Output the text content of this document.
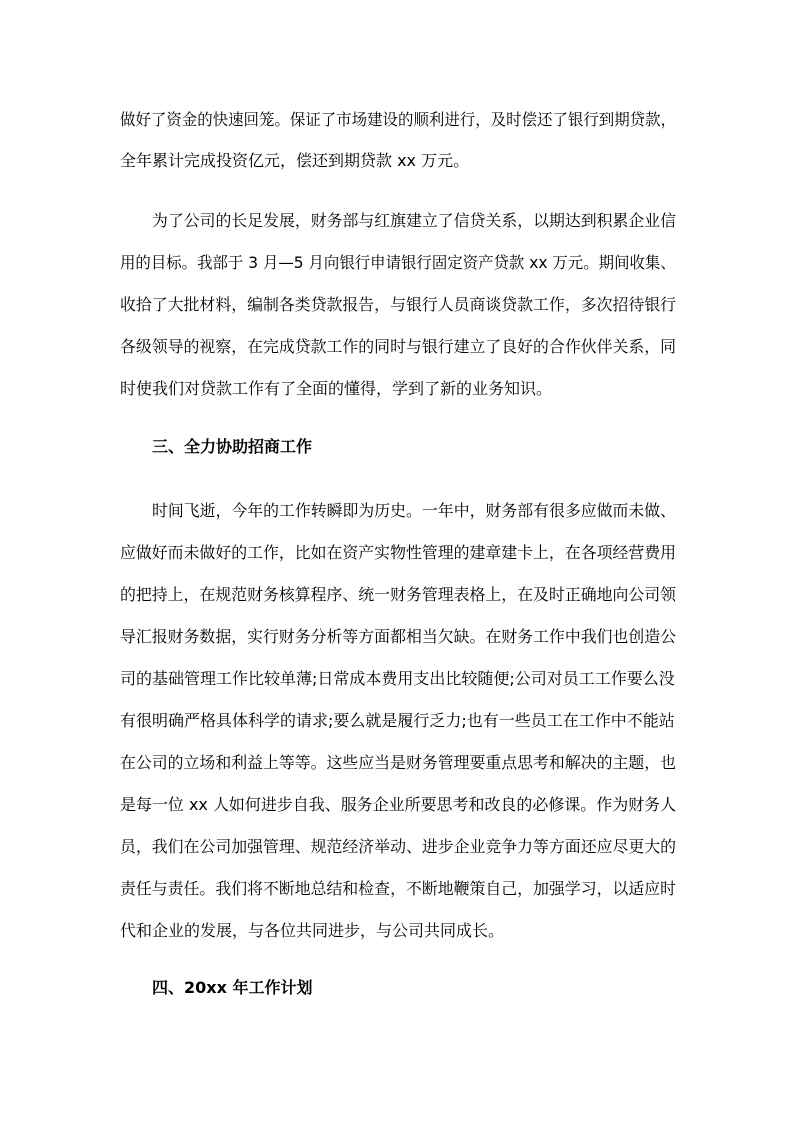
做好了资金的快速回笼。保证了市场建设的顺利进行，及时偿还了银行到期贷款，
全年累计完成投资亿元，偿还到期贷款 xx 万元。
为了公司的长足发展，财务部与红旗建立了信贷关系，以期达到积累企业信
用的目标。我部于 3 月—5 月向银行申请银行固定资产贷款 xx 万元。期间收集、
收拾了大批材料，编制各类贷款报告，与银行人员商谈贷款工作，多次招待银行
各级领导的视察，在完成贷款工作的同时与银行建立了良好的合作伙伴关系，同
时使我们对贷款工作有了全面的懂得，学到了新的业务知识。
三、全力协助招商工作
时间飞逝，今年的工作转瞬即为历史。一年中，财务部有很多应做而未做、
应做好而未做好的工作，比如在资产实物性管理的建章建卡上，在各项经营费用
的把持上，在规范财务核算程序、统一财务管理表格上，在及时正确地向公司领
导汇报财务数据，实行财务分析等方面都相当欠缺。在财务工作中我们也创造公
司的基础管理工作比较单薄;日常成本费用支出比较随便;公司对员工工作要么没
有很明确严格具体科学的请求;要么就是履行乏力;也有一些员工在工作中不能站
在公司的立场和利益上等等。这些应当是财务管理要重点思考和解决的主题，也
是每一位 xx 人如何进步自我、服务企业所要思考和改良的必修课。作为财务人
员，我们在公司加强管理、规范经济举动、进步企业竞争力等方面还应尽更大的
责任与责任。我们将不断地总结和检查，不断地鞭策自己，加强学习，以适应时
代和企业的发展，与各位共同进步，与公司共同成长。
四、20xx 年工作计划
